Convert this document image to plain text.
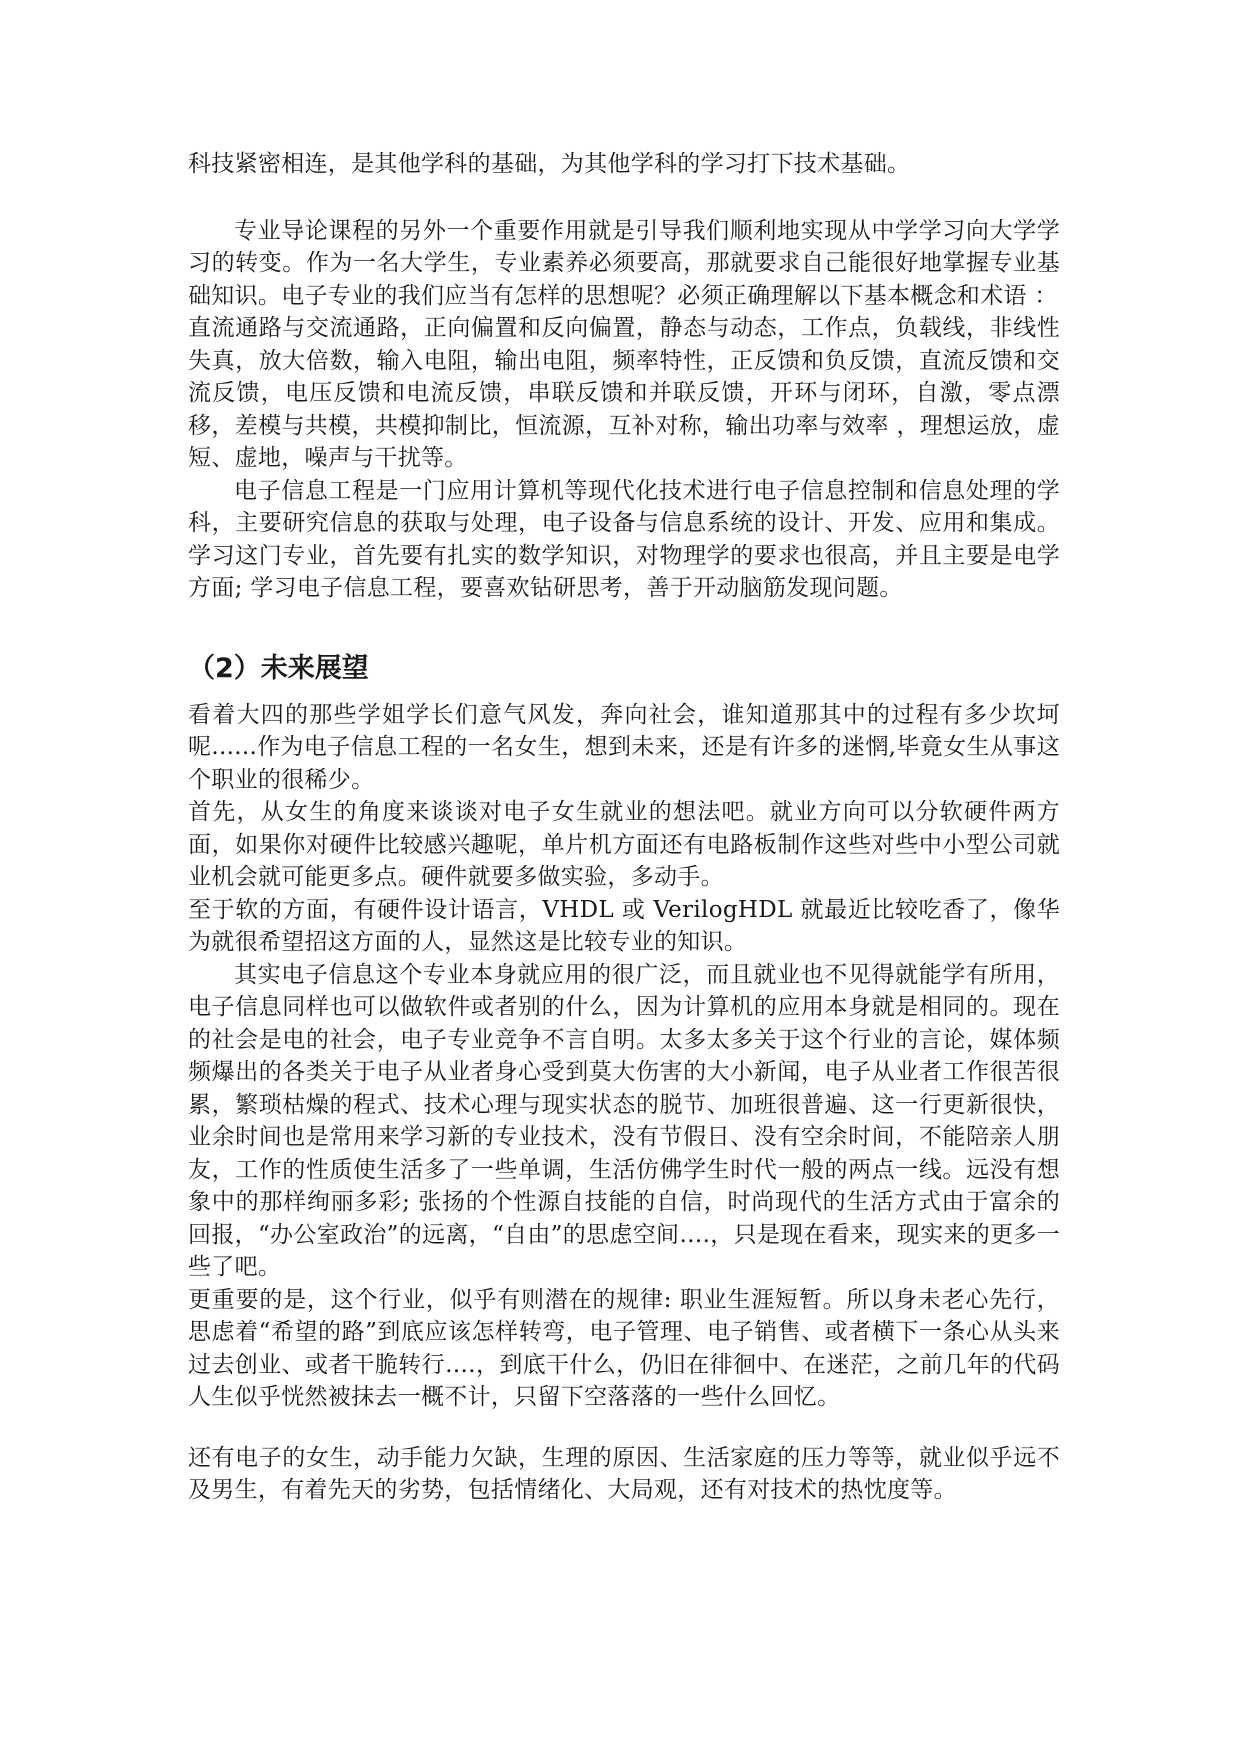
科技紧密相连，是其他学科的基础，为其他学科的学习打下技术基础。

专业导论课程的另外一个重要作用就是引导我们顺利地实现从中学学习向大学学习的转变。作为一名大学生，专业素养必须要高，那就要求自己能很好地掌握专业基础知识。电子专业的我们应当有怎样的思想呢？必须正确理解以下基本概念和术语 ：

直流通路与交流通路，正向偏置和反向偏置，静态与动态，工作点，负载线，非线性失真，放大倍数，输入电阻，输出电阻，频率特性，正反馈和负反馈，直流反馈和交流反馈，电压反馈和电流反馈，串联反馈和并联反馈，开环与闭环，自激，零点漂移，差模与共模，共模抑制比，恒流源，互补对称，输出功率与效率 ，理想运放，虚短、虚地，噪声与干扰等。

电子信息工程是一门应用计算机等现代化技术进行电子信息控制和信息处理的学科，主要研究信息的获取与处理，电子设备与信息系统的设计、开发、应用和集成。学习这门专业，首先要有扎实的数学知识，对物理学的要求也很高，并且主要是电学方面; 学习电子信息工程，要喜欢钻研思考，善于开动脑筋发现问题。

（2）未来展望

看着大四的那些学姐学长们意气风发，奔向社会，谁知道那其中的过程有多少坎坷呢......作为电子信息工程的一名女生，想到未来，还是有许多的迷惘,毕竟女生从事这个职业的很稀少。

首先，从女生的角度来谈谈对电子女生就业的想法吧。就业方向可以分软硬件两方面，如果你对硬件比较感兴趣呢，单片机方面还有电路板制作这些对些中小型公司就业机会就可能更多点。硬件就要多做实验，多动手。

至于软的方面，有硬件设计语言，VHDL 或 VerilogHDL 就最近比较吃香了，像华为就很希望招这方面的人，显然这是比较专业的知识。

其实电子信息这个专业本身就应用的很广泛，而且就业也不见得就能学有所用，电子信息同样也可以做软件或者别的什么，因为计算机的应用本身就是相同的。现在的社会是电的社会，电子专业竞争不言自明。太多太多关于这个行业的言论，媒体频频爆出的各类关于电子从业者身心受到莫大伤害的大小新闻，电子从业者工作很苦很累，繁琐枯燥的程式、技术心理与现实状态的脱节、加班很普遍、这一行更新很快，业余时间也是常用来学习新的专业技术，没有节假日、没有空余时间，不能陪亲人朋友，工作的性质使生活多了一些单调，生活仿佛学生时代一般的两点一线。远没有想象中的那样绚丽多彩; 张扬的个性源自技能的自信，时尚现代的生活方式由于富余的回报，“办公室政治”的远离，“自由”的思虑空间….，只是现在看来，现实来的更多一些了吧。

更重要的是，这个行业，似乎有则潜在的规律: 职业生涯短暂。所以身未老心先行，思虑着“希望的路”到底应该怎样转弯，电子管理、电子销售、或者横下一条心从头来过去创业、或者干脆转行….，到底干什么，仍旧在徘徊中、在迷茫，之前几年的代码人生似乎恍然被抹去一概不计，只留下空落落的一些什么回忆。

还有电子的女生，动手能力欠缺，生理的原因、生活家庭的压力等等，就业似乎远不及男生，有着先天的劣势，包括情绪化、大局观，还有对技术的热忱度等。
